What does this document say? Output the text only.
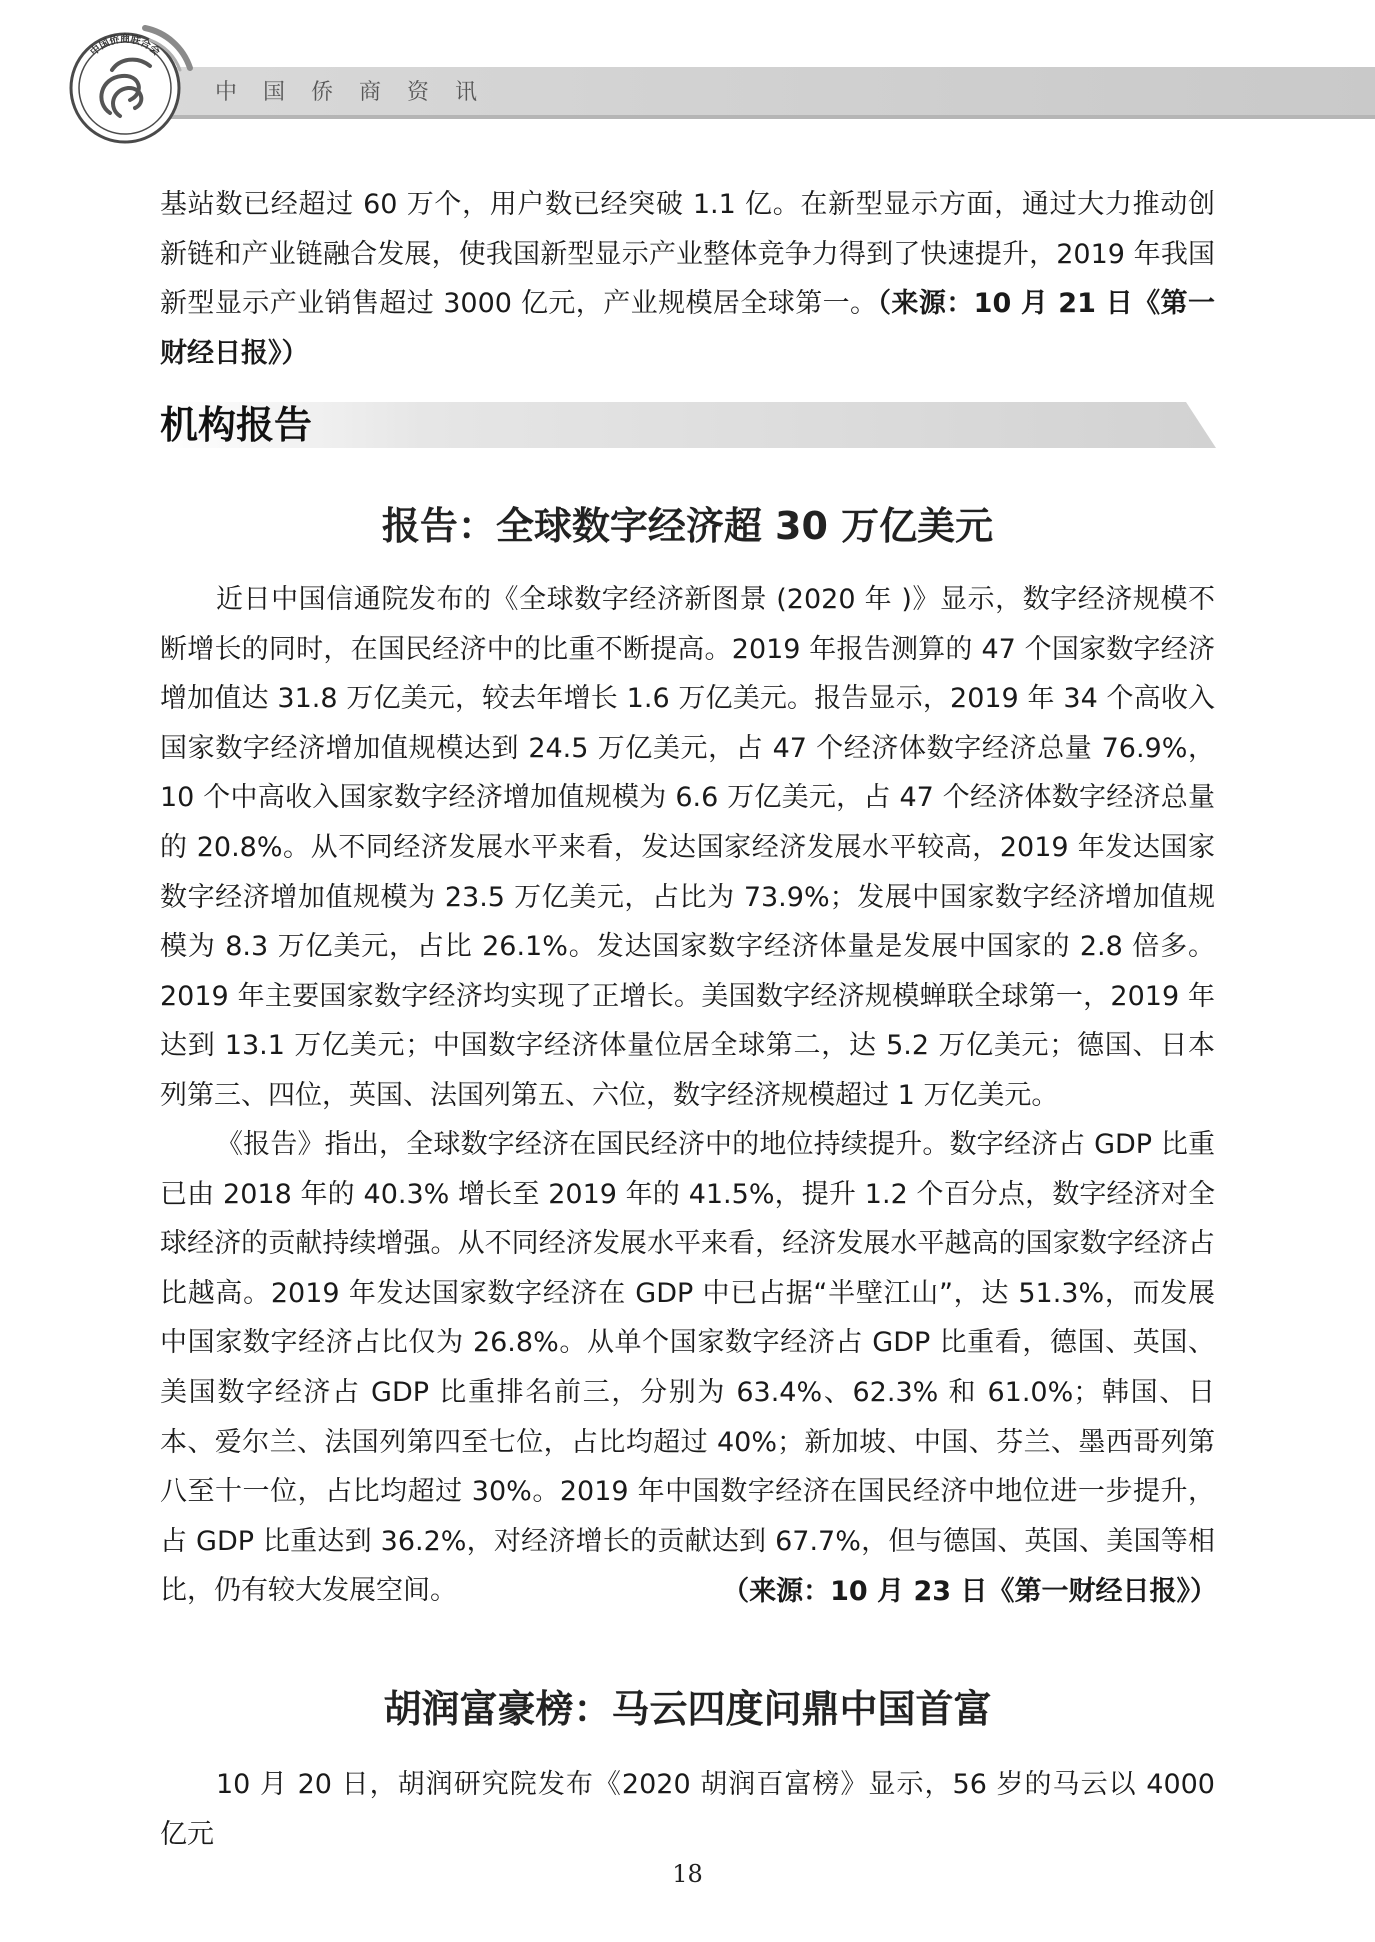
中国侨商资讯
中国侨商联合会

基站数已经超过 60 万个，用户数已经突破 1.1 亿。在新型显示方面，通过大力推动创新链和产业链融合发展，使我国新型显示产业整体竞争力得到了快速提升，2019 年我国新型显示产业销售超过 3000 亿元，产业规模居全球第一。（来源：10 月 21 日《第一财经日报》）

机构报告
报告：全球数字经济超 30 万亿美元

近日中国信通院发布的《全球数字经济新图景 (2020 年 )》显示，数字经济规模不断增长的同时，在国民经济中的比重不断提高。2019 年报告测算的 47 个国家数字经济增加值达 31.8 万亿美元，较去年增长 1.6 万亿美元。报告显示，2019 年 34 个高收入国家数字经济增加值规模达到 24.5 万亿美元，占 47 个经济体数字经济总量 76.9%，10 个中高收入国家数字经济增加值规模为 6.6 万亿美元，占 47 个经济体数字经济总量的 20.8%。从不同经济发展水平来看，发达国家经济发展水平较高，2019 年发达国家数字经济增加值规模为 23.5 万亿美元，占比为 73.9%；发展中国家数字经济增加值规模为 8.3 万亿美元，占比 26.1%。发达国家数字经济体量是发展中国家的 2.8 倍多。2019 年主要国家数字经济均实现了正增长。美国数字经济规模蝉联全球第一，2019 年达到 13.1 万亿美元；中国数字经济体量位居全球第二，达 5.2 万亿美元；德国、日本列第三、四位，英国、法国列第五、六位，数字经济规模超过 1 万亿美元。

《报告》指出，全球数字经济在国民经济中的地位持续提升。数字经济占 GDP 比重已由 2018 年的 40.3% 增长至 2019 年的 41.5%，提升 1.2 个百分点，数字经济对全球经济的贡献持续增强。从不同经济发展水平来看，经济发展水平越高的国家数字经济占比越高。2019 年发达国家数字经济在 GDP 中已占据“半壁江山”，达 51.3%，而发展中国家数字经济占比仅为 26.8%。从单个国家数字经济占 GDP 比重看，德国、英国、美国数字经济占 GDP 比重排名前三，分别为 63.4%、62.3% 和 61.0%；韩国、日本、爱尔兰、法国列第四至七位，占比均超过 40%；新加坡、中国、芬兰、墨西哥列第八至十一位，占比均超过 30%。2019 年中国数字经济在国民经济中地位进一步提升，占 GDP 比重达到 36.2%，对经济增长的贡献达到 67.7%，但与德国、英国、美国等相比，仍有较大发展空间。	（来源：10 月 23 日《第一财经日报》）
胡润富豪榜：马云四度问鼎中国首富

10 月 20 日，胡润研究院发布《2020 胡润百富榜》显示，56 岁的马云以 4000 亿元

18
